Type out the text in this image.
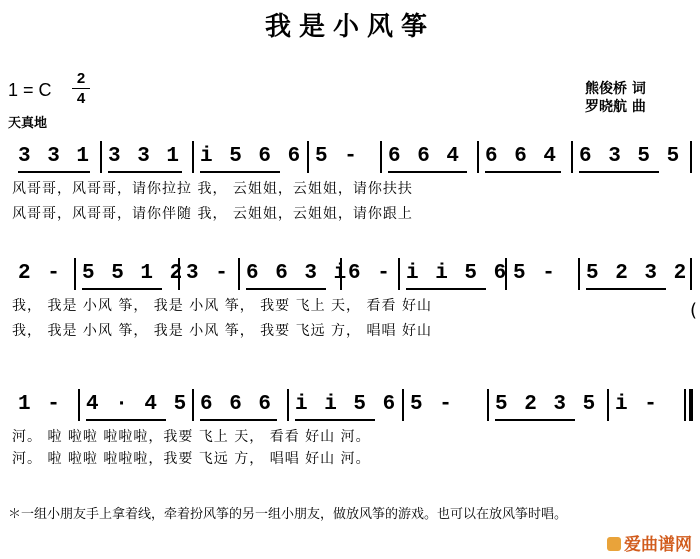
我是小风筝
1 = C
2
4
天真地
熊俊桥 词
罗晓航 曲
3 3 1 3 3 1 i 5 6 6 5 - 6 6 4 6 6 4 6 3 5 5
风哥哥，风哥哥，请你拉拉 我， 云姐姐，云姐姐，请你扶扶
风哥哥，风哥哥，请你伴随 我， 云姐姐，云姐姐，请你跟上
2 - 5 5 1 2 3 - 6 6 3 i 6 - i i 5 6 5 - 5 2 3 2
我， 我是 小风 筝， 我是 小风 筝， 我要 飞上 天， 看看 好山
我， 我是 小风 筝， 我是 小风 筝， 我要 飞远 方， 唱唱 好山
1 - 4 · 4 5 6 6 6 i i 5 6 5 - 5 2 3 5 i -
河。 啦 啦啦 啦啦啦，我要 飞上 天， 看看 好山 河。
河。 啦 啦啦 啦啦啦，我要 飞远 方， 唱唱 好山 河。
(
＊一组小朋友手上拿着线，牵着扮风筝的另一组小朋友，做放风筝的游戏。也可以在放风筝时唱。
爱曲谱网
